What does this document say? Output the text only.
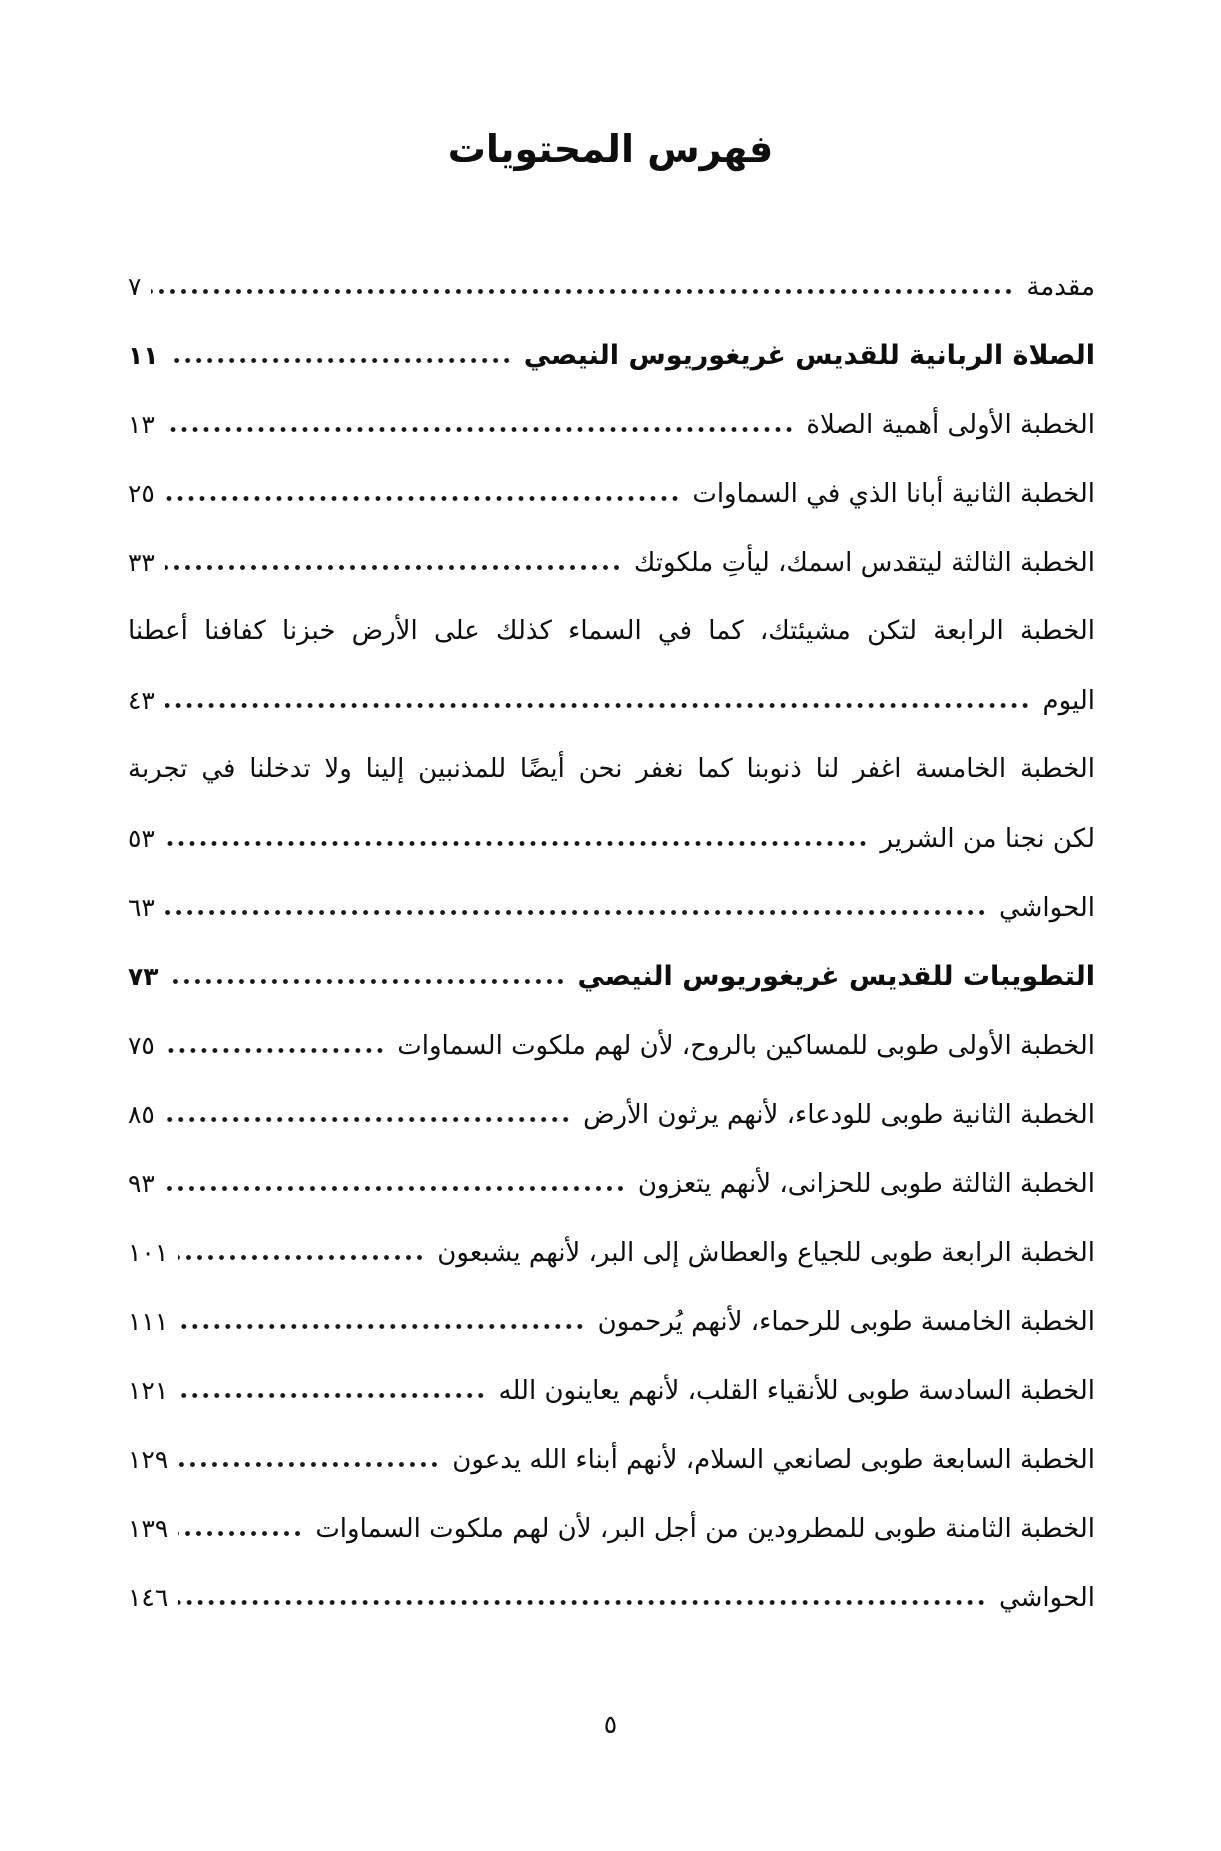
فهرس المحتويات
مقدمة
٧
الصلاة الربانية للقديس غريغوريوس النيصي
١١
الخطبة الأولى أهمية الصلاة
١٣
الخطبة الثانية أبانا الذي في السماوات
٢٥
الخطبة الثالثة ليتقدس اسمك، ليأتِ ملكوتك
٣٣
الخطبة الرابعة لتكن مشيئتك، كما في السماء كذلك على الأرض خبزنا كفافنا أعطنا
اليوم
٤٣
الخطبة الخامسة اغفر لنا ذنوبنا كما نغفر نحن أيضًا للمذنبين إلينا ولا تدخلنا في تجربة
لكن نجنا من الشرير
٥٣
الحواشي
٦٣
التطويبات للقديس غريغوريوس النيصي
٧٣
الخطبة الأولى طوبى للمساكين بالروح، لأن لهم ملكوت السماوات
٧٥
الخطبة الثانية طوبى للودعاء، لأنهم يرثون الأرض
٨٥
الخطبة الثالثة طوبى للحزانى، لأنهم يتعزون
٩٣
الخطبة الرابعة طوبى للجياع والعطاش إلى البر، لأنهم يشبعون
١٠١
الخطبة الخامسة طوبى للرحماء، لأنهم يُرحمون
١١١
الخطبة السادسة طوبى للأنقياء القلب، لأنهم يعاينون الله
١٢١
الخطبة السابعة طوبى لصانعي السلام، لأنهم أبناء الله يدعون
١٢٩
الخطبة الثامنة طوبى للمطرودين من أجل البر، لأن لهم ملكوت السماوات
١٣٩
الحواشي
١٤٦
٥
